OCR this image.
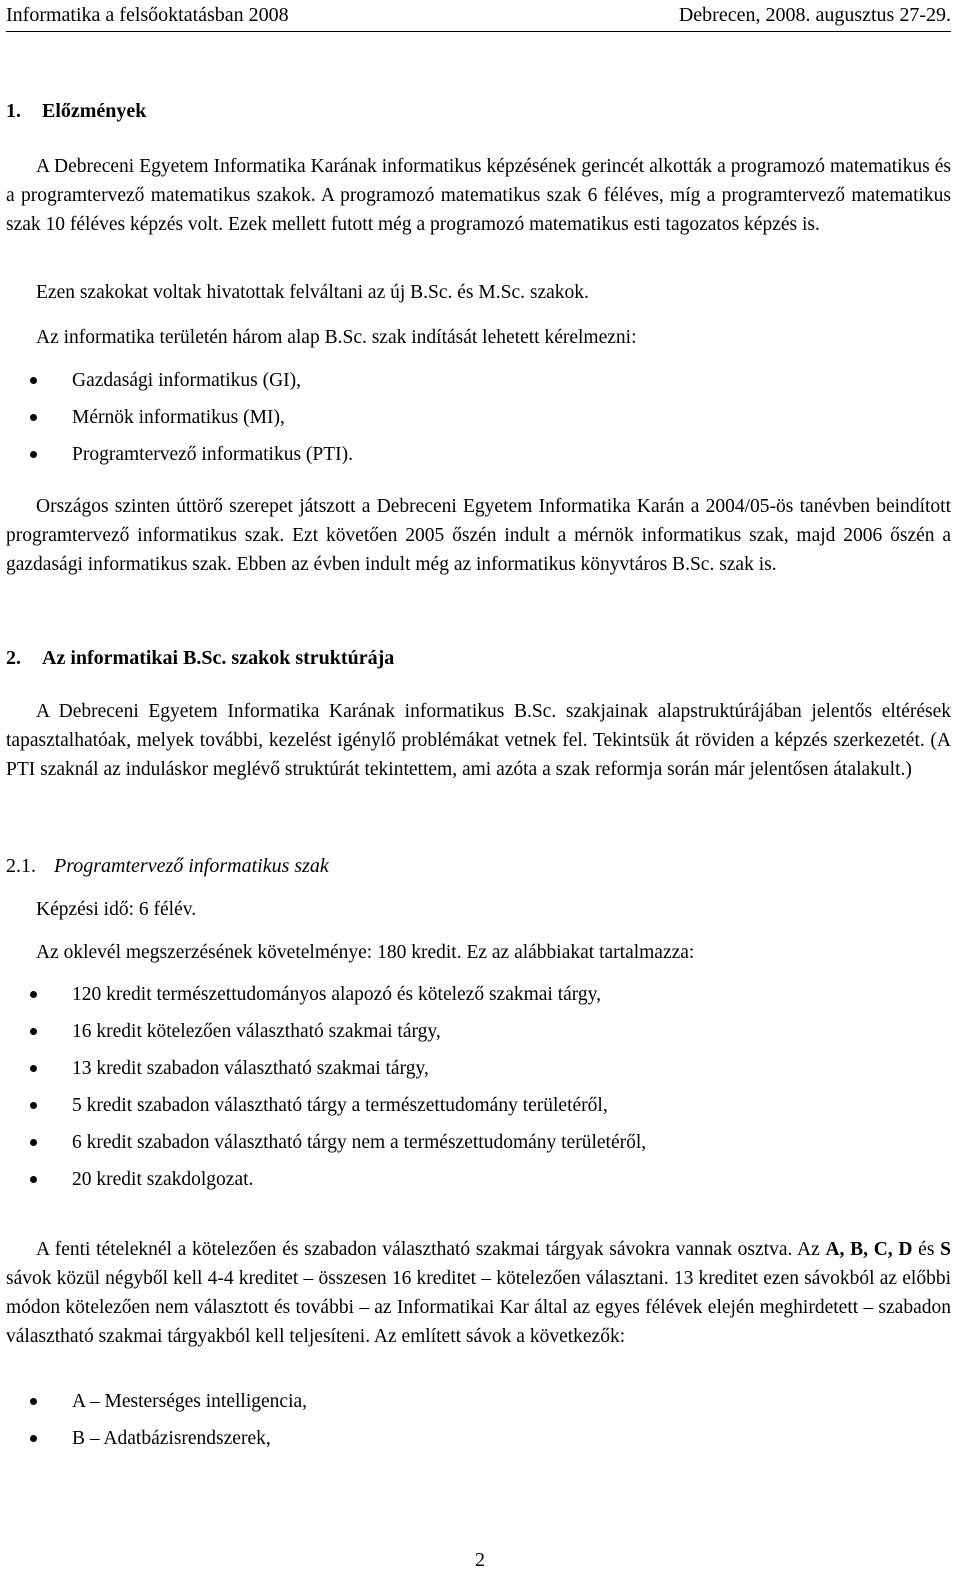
Informatika a felsőoktatásban 2008	Debrecen, 2008. augusztus 27-29.
1. Előzmények
A Debreceni Egyetem Informatika Karának informatikus képzésének gerincét alkották a programozó matematikus és a programtervező matematikus szakok. A programozó matematikus szak 6 féléves, míg a programtervező matematikus szak 10 féléves képzés volt. Ezek mellett futott még a programozó matematikus esti tagozatos képzés is.
Ezen szakokat voltak hivatottak felváltani az új B.Sc. és M.Sc. szakok.
Az informatika területén három alap B.Sc. szak indítását lehetett kérelmezni:
Gazdasági informatikus (GI),
Mérnök informatikus (MI),
Programtervező informatikus (PTI).
Országos szinten úttörő szerepet játszott a Debreceni Egyetem Informatika Karán a 2004/05-ös tanévben beindított programtervező informatikus szak. Ezt követően 2005 őszén indult a mérnök informatikus szak, majd 2006 őszén a gazdasági informatikus szak. Ebben az évben indult még az informatikus könyvtáros B.Sc. szak is.
2. Az informatikai B.Sc. szakok struktúrája
A Debreceni Egyetem Informatika Karának informatikus B.Sc. szakjainak alapstruktúrájában jelentős eltérések tapasztalhatóak, melyek további, kezelést igénylő problémákat vetnek fel. Tekintsük át röviden a képzés szerkezetét. (A PTI szaknál az induláskor meglévő struktúrát tekintettem, ami azóta a szak reformja során már jelentősen átalakult.)
2.1. Programtervező informatikus szak
Képzési idő: 6 félév.
Az oklevél megszerzésének követelménye: 180 kredit. Ez az alábbiakat tartalmazza:
120 kredit természettudományos alapozó és kötelező szakmai tárgy,
16 kredit kötelezően választható szakmai tárgy,
13 kredit szabadon választható szakmai tárgy,
5 kredit szabadon választható tárgy a természettudomány területéről,
6 kredit szabadon választható tárgy nem a természettudomány területéről,
20 kredit szakdolgozat.
A fenti tételeknél a kötelezően és szabadon választható szakmai tárgyak sávokra vannak osztva. Az A, B, C, D és S sávok közül négyből kell 4-4 kreditet – összesen 16 kreditet – kötelezően választani. 13 kreditet ezen sávokból az előbbi módon kötelezően nem választott és további – az Informatikai Kar által az egyes félévek elején meghirdetett – szabadon választható szakmai tárgyakból kell teljesíteni. Az említett sávok a következők:
A – Mesterséges intelligencia,
B – Adatbázisrendszerek,
2
